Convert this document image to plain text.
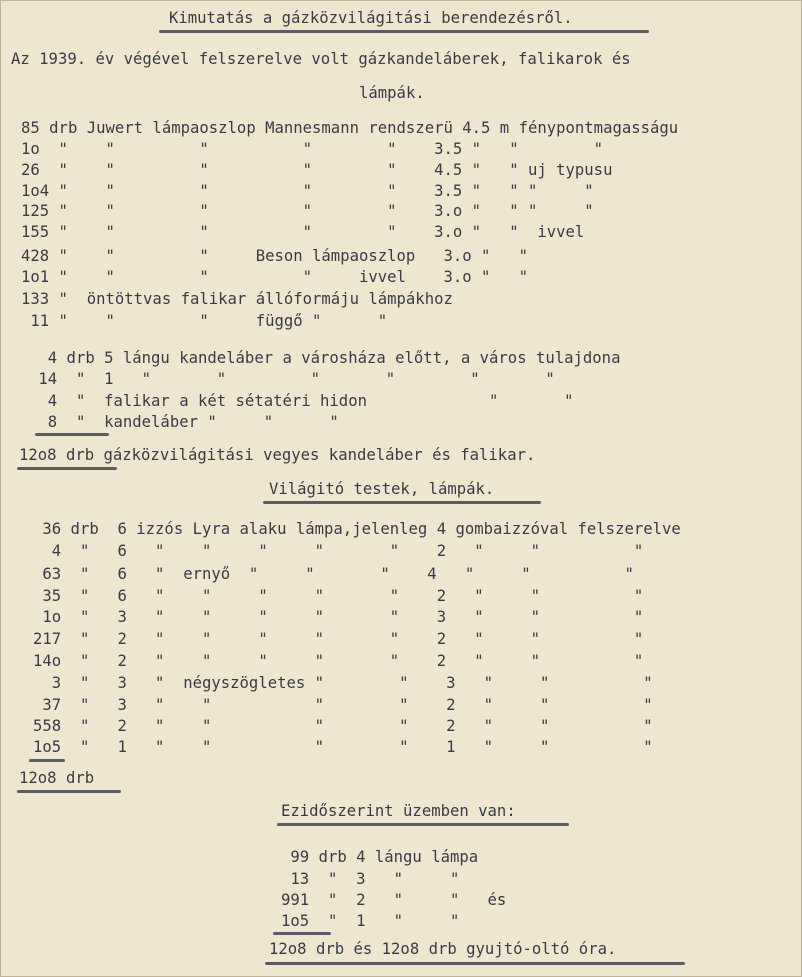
Kimutatás a gázközvilágitási berendezésről.
Az 1939. év végével felszerelve volt gázkandeláberek, falikarok és
lámpák.
85 drb Juwert lámpaoszlop Mannesmann rendszerü 4.5 m fénypontmagasságu
1o  "    "         "          "        "    3.5 "   "        "
26  "    "         "          "        "    4.5 "   " uj typusu
1o4 "    "         "          "        "    3.5 "   " "     "
125 "    "         "          "        "    3.o "   " "     "
155 "    "         "          "        "    3.o "   "  ivvel
428 "    "         "     Beson lámpaoszlop   3.o "   "
1o1 "    "         "          "     ivvel    3.o "   "
133 "  öntöttvas falikar állóformáju lámpákhoz
11 "    "         "     függő "      "
4 drb 5 lángu kandeláber a városháza előtt, a város tulajdona
14  "  1   "       "         "       "        "       "
4  "  falikar a két sétatéri hidon             "       "
8  "  kandeláber "     "      "
12o8 drb gázközvilágitási vegyes kandeláber és falikar.
Világitó testek, lámpák.
36 drb  6 izzós Lyra alaku lámpa,jelenleg 4 gombaizzóval felszerelve
4  "   6   "    "     "     "       "    2   "     "          "
63  "   6   "  ernyő  "     "       "    4   "     "          "
35  "   6   "    "     "     "       "    2   "     "          "
1o  "   3   "    "     "     "       "    3   "     "          "
217  "   2   "    "     "     "       "    2   "     "          "
14o  "   2   "    "     "     "       "    2   "     "          "
3  "   3   "  négyszögletes "        "    3   "     "          "
37  "   3   "    "           "        "    2   "     "          "
558  "   2   "    "           "        "    2   "     "          "
1o5  "   1   "    "           "        "    1   "     "          "
12o8 drb
Ezidőszerint üzemben van:
99 drb 4 lángu lámpa
13  "  3   "     "
991  "  2   "     "   és
1o5  "  1   "     "
12o8 drb és 12o8 drb gyujtó-oltó óra.
